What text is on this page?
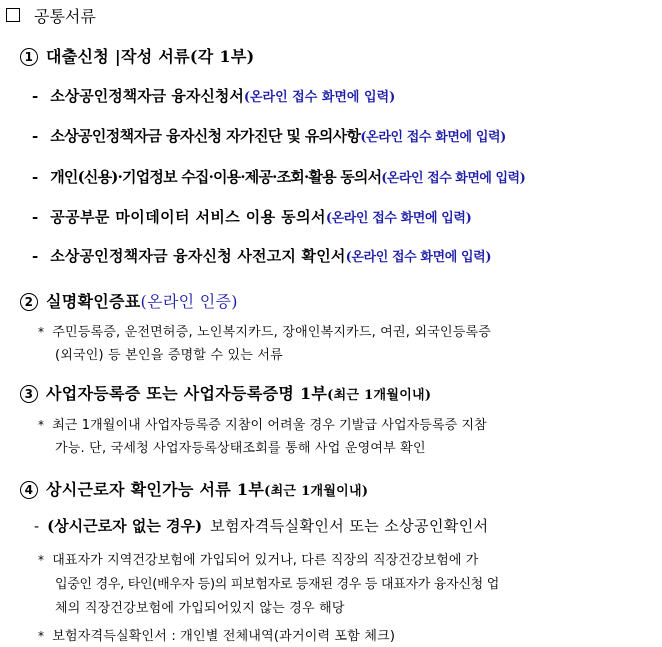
공통서류
1 대출신청 |작성 서류(각 1부)
- 소상공인정책자금 융자신청서(온라인 접수 화면에 입력)
- 소상공인정책자금 융자신청 자가진단 및 유의사항(온라인 접수 화면에 입력)
- 개인(신용)·기업정보 수집·이용·제공·조회·활용 동의서(온라인 접수 화면에 입력)
- 공공부문 마이데이터 서비스 이용 동의서(온라인 접수 화면에 입력)
- 소상공인정책자금 융자신청 사전고지 확인서(온라인 접수 화면에 입력)
2 실명확인증표(온라인 인증)
* 주민등록증, 운전면허증, 노인복지카드, 장애인복지카드, 여권, 외국인등록증
(외국인) 등 본인을 증명할 수 있는 서류
3 사업자등록증 또는 사업자등록증명 1부(최근 1개월이내)
* 최근 1개월이내 사업자등록증 지참이 어려울 경우 기발급 사업자등록증 지참
가능. 단, 국세청 사업자등록상태조회를 통해 사업 운영여부 확인
4 상시근로자 확인가능 서류 1부(최근 1개월이내)
- (상시근로자 없는 경우) 보험자격득실확인서 또는 소상공인확인서
* 대표자가 지역건강보험에 가입되어 있거나, 다른 직장의 직장건강보험에 가
입중인 경우, 타인(배우자 등)의 피보험자로 등재된 경우 등 대표자가 융자신청 업
체의 직장건강보험에 가입되어있지 않는 경우 해당
* 보험자격득실확인서 : 개인별 전체내역(과거이력 포함 체크)
